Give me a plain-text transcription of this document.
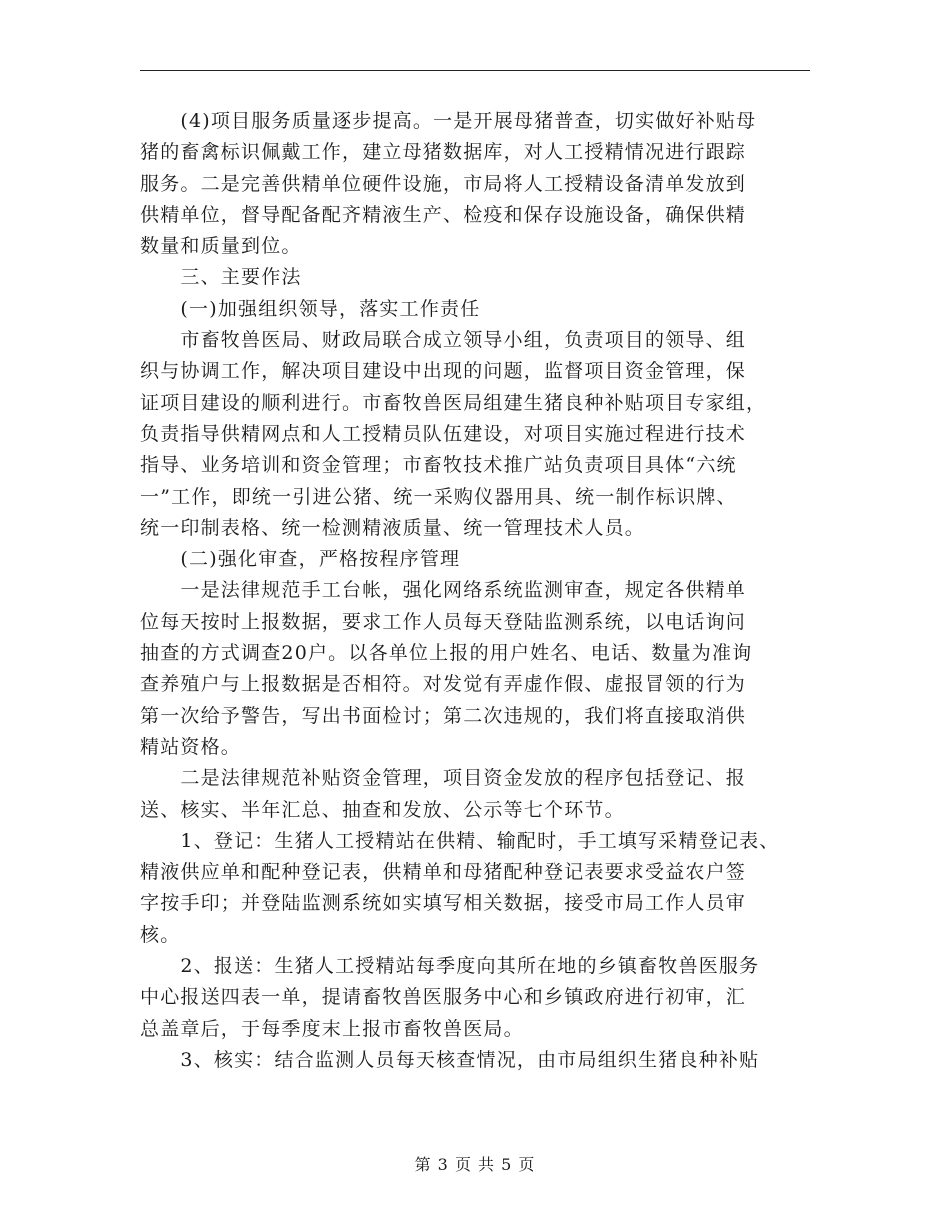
　　(4)项目服务质量逐步提高。一是开展母猪普查，切实做好补贴母
猪的畜禽标识佩戴工作，建立母猪数据库，对人工授精情况进行跟踪
服务。二是完善供精单位硬件设施，市局将人工授精设备清单发放到
供精单位，督导配备配齐精液生产、检疫和保存设施设备，确保供精
数量和质量到位。
　　三、主要作法
　　(一)加强组织领导，落实工作责任
　　市畜牧兽医局、财政局联合成立领导小组，负责项目的领导、组
织与协调工作，解决项目建设中出现的问题，监督项目资金管理，保
证项目建设的顺利进行。市畜牧兽医局组建生猪良种补贴项目专家组，
负责指导供精网点和人工授精员队伍建设，对项目实施过程进行技术
指导、业务培训和资金管理；市畜牧技术推广站负责项目具体“六统
一”工作，即统一引进公猪、统一采购仪器用具、统一制作标识牌、
统一印制表格、统一检测精液质量、统一管理技术人员。
　　(二)强化审查，严格按程序管理
　　一是法律规范手工台帐，强化网络系统监测审查，规定各供精单
位每天按时上报数据，要求工作人员每天登陆监测系统，以电话询问
抽查的方式调查20户。以各单位上报的用户姓名、电话、数量为准询
查养殖户与上报数据是否相符。对发觉有弄虚作假、虚报冒领的行为
第一次给予警告，写出书面检讨；第二次违规的，我们将直接取消供
精站资格。
　　二是法律规范补贴资金管理，项目资金发放的程序包括登记、报
送、核实、半年汇总、抽查和发放、公示等七个环节。
　　1、登记：生猪人工授精站在供精、输配时，手工填写采精登记表、
精液供应单和配种登记表，供精单和母猪配种登记表要求受益农户签
字按手印；并登陆监测系统如实填写相关数据，接受市局工作人员审
核。
　　2、报送：生猪人工授精站每季度向其所在地的乡镇畜牧兽医服务
中心报送四表一单，提请畜牧兽医服务中心和乡镇政府进行初审，汇
总盖章后，于每季度末上报市畜牧兽医局。
　　3、核实：结合监测人员每天核查情况，由市局组织生猪良种补贴
第 3 页 共 5 页
